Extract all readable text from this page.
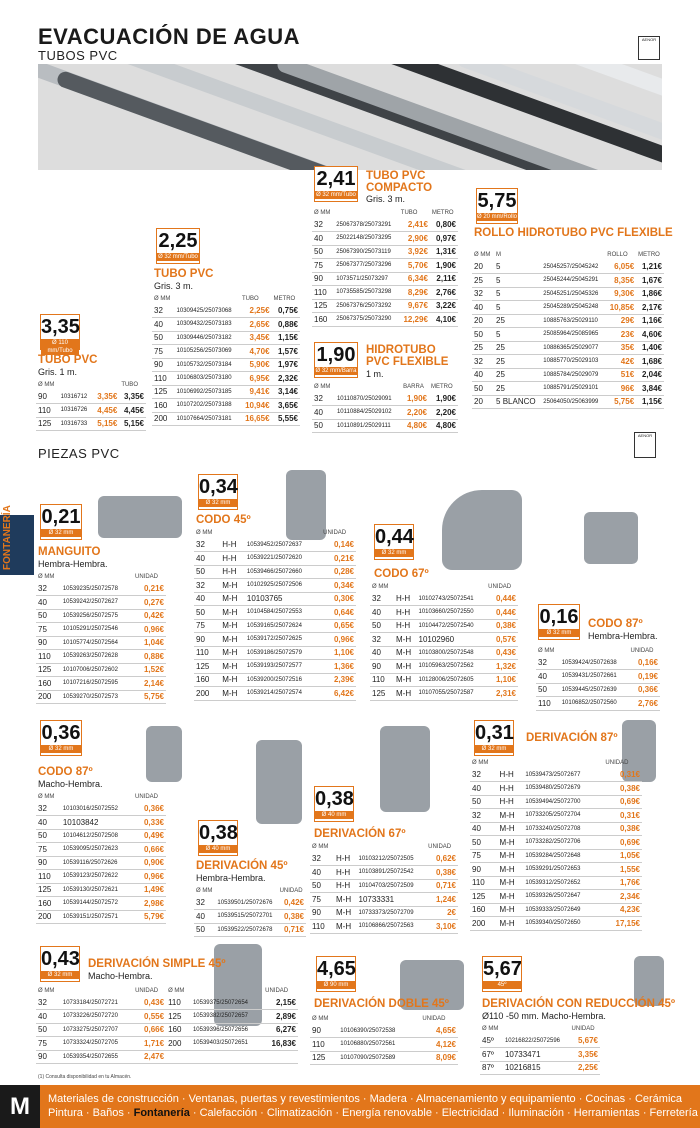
EVACUACIÓN DE AGUA
TUBOS PVC
AENOR
3,35
Ø 110 mm/Tubo
TUBO PVC
Gris. 1 m.
Ø MM			TUBO
90	10316712	3,35€	3,35€
110	10316726	4,45€	4,45€
125	10316733	5,15€	5,15€
2,25
Ø 32 mm/Tubo
TUBO PVC
Gris. 3 m.
Ø MM		TUBO	METRO
32	10309425/25073068	2,25€	0,75€
40	10309432/25073183	2,65€	0,88€
50	10309446/25073182	3,45€	1,15€
75	10105256/25073069	4,70€	1,57€
90	10105732/25073184	5,90€	1,97€
110	10106803/25073180	6,95€	2,32€
125	10106992/25073185	9,41€	3,14€
160	10107202/25073188	10,94€	3,65€
200	10107664/25073181	16,65€	5,55€
2,41
Ø 32 mm/Tubo
TUBO PVC COMPACTO
Gris. 3 m.
Ø MM		TUBO	METRO
32	25067378/25073291	2,41€	0,80€
40	25022148/25073295	2,90€	0,97€
50	25067390/25073119	3,92€	1,31€
75	25067377/25073296	5,70€	1,90€
90	1073571/25073297	6,34€	2,11€
110	10735585/25073298	8,29€	2,76€
125	25067376/25073292	9,67€	3,22€
160	25067375/25073290	12,29€	4,10€
1,90
Ø 32 mm/Barra
HIDROTUBO PVC FLEXIBLE
1 m.
Ø MM		BARRA	METRO
32	10110870/25029091	1,90€	1,90€
40	10110884/25029102	2,20€	2,20€
50	10110891/25029111	4,80€	4,80€
5,75
Ø 20 mm/Rollo
ROLLO HIDROTUBO PVC FLEXIBLE
Ø MM	M		ROLLO	METRO
20	5	25045257/25045242	6,05€	1,21€
25	5	25045244/25045291	8,35€	1,67€
32	5	25045251/25045326	9,30€	1,86€
40	5	25045289/25045248	10,85€	2,17€
20	25	10885763/25029110	29€	1,16€
50	5	25085964/25085965	23€	4,60€
25	25	10886365/25029077	35€	1,40€
32	25	10885770/25029103	42€	1,68€
40	25	10885784/25029079	51€	2,04€
50	25	10885791/25029101	96€	3,84€
20	5 BLANCO	25064050/25063999	5,75€	1,15€
AENOR
PIEZAS PVC
FONTANERÍA 0,21
Ø 32 mm
MANGUITO
Hembra-Hembra.
Ø MM		UNIDAD
32	10539235/25072578	0,21€
40	10539242/25072627	0,27€
50	10539256/25072575	0,42€
75	10105291/25072546	0,96€
90	10105774/25072564	1,04€
110	10539263/25072628	0,88€
125	10107006/25072602	1,52€
160	10107216/25072595	2,14€
200	10539270/25072573	5,75€
0,34
Ø 32 mm
CODO 45º
Ø MM			UNIDAD
32	H-H	10539452/25072637	0,14€
40	H-H	10539221/25072620	0,21€
50	H-H	10539466/25072660	0,28€
32	M-H	10102925/25072506	0,34€
40	M-H	10103765	0,30€
50	M-H	10104584/25072553	0,64€
75	M-H	10539165/25072624	0,65€
90	M-H	10539172/25072625	0,96€
110	M-H	10539186/25072579	1,10€
125	M-H	10539193/25072577	1,36€
160	M-H	10539200/25072516	2,39€
200	M-H	10539214/25072574	6,42€
0,44
Ø 32 mm
CODO 67º
Ø MM			UNIDAD
32	H-H	10102743/25072541	0,44€
40	H-H	10103660/25072550	0,44€
50	H-H	10104472/25072540	0,38€
32	M-H	10102960	0,57€
40	M-H	10103800/25072548	0,43€
90	M-H	10105963/25072562	1,32€
110	M-H	10128006/25072605	1,10€
125	M-H	10107055/25072587	2,31€
0,16
Ø 32 mm
CODO 87º
Hembra-Hembra.
Ø MM		UNIDAD
32	10539424/25072638	0,16€
40	10539431/25072661	0,19€
50	10539445/25072639	0,36€
110	10106852/25072560	2,76€
0,36
Ø 32 mm
CODO 87º
Macho-Hembra.
Ø MM		UNIDAD
32	10103016/25072552	0,36€
40	10103842	0,33€
50	10104612/25072508	0,49€
75	10539095/25072623	0,66€
90	10539116/25072626	0,90€
110	10539123/25072622	0,96€
125	10539130/25072621	1,49€
160	10539144/25072572	2,98€
200	10539151/25072571	5,79€
0,38
Ø 40 mm
DERIVACIÓN 45º
Hembra-Hembra.
Ø MM		UNIDAD
32	10539501/25072676	0,42€
40	10539515/25072701	0,38€
50	10539522/25072678	0,71€
0,38
Ø 40 mm
DERIVACIÓN 67º
Ø MM			UNIDAD
32	H-H	10103212/25072505	0,62€
40	H-H	10103891/25072542	0,38€
50	H-H	10104703/25072509	0,71€
75	M-H	10733331	1,24€
90	M-H	10733373/25072709	2€
110	M-H	10106866/25072563	3,10€
0,31
Ø 32 mm
DERIVACIÓN 87º
Ø MM			UNIDAD
32	H-H	10539473/25072677	0,31€
40	H-H	10539480/25072679	0,38€
50	H-H	10539494/25072700	0,69€
32	M-H	10733205/25072704	0,31€
40	M-H	10733240/25072708	0,38€
50	M-H	10733282/25072706	0,69€
75	M-H	10539284/25072648	1,05€
90	M-H	10539291/25072653	1,55€
110	M-H	10539312/25072652	1,76€
125	M-H	10539326/25072647	2,34€
160	M-H	10539333/25072649	4,23€
200	M-H	10539340/25072650	17,15€
0,43
Ø 32 mm
DERIVACIÓN SIMPLE 45º
Macho-Hembra.
Ø MM		UNIDAD	Ø MM		UNIDAD
32	10733184/25072721	0,43€	110	10539375/25072654	2,15€
40	10733226/25072720	0,55€	125	10539382/25072657	2,89€
50	10733275/25072707	0,66€	160	10539396/25072656	6,27€
75	10733324/25072705	1,71€	200	10539403/25072651	16,83€
90	10539354/25072655	2,47€			
(1) Consulta disponibilidad en tu Almacén.
4,65
Ø 90 mm
DERIVACIÓN DOBLE 45º
Ø MM		UNIDAD
90	10106390/25072538	4,65€
110	10106880/25072561	4,12€
125	10107090/25072589	8,09€
5,67
45º
DERIVACIÓN CON REDUCCIÓN 45º
Ø110 -50 mm. Macho-Hembra.
Ø MM		UNIDAD
45º	10216822/25072596	5,67€
67º	10733471	3,35€
87º	10216815	2,25€
M	Materiales de construcción · Ventanas, puertas y revestimientos · Madera · Almacenamiento y equipamiento · Cocinas · Cerámica
Pintura · Baños · Fontanería · Calefacción · Climatización · Energía renovable · Electricidad · Iluminación · Herramientas · Ferretería
